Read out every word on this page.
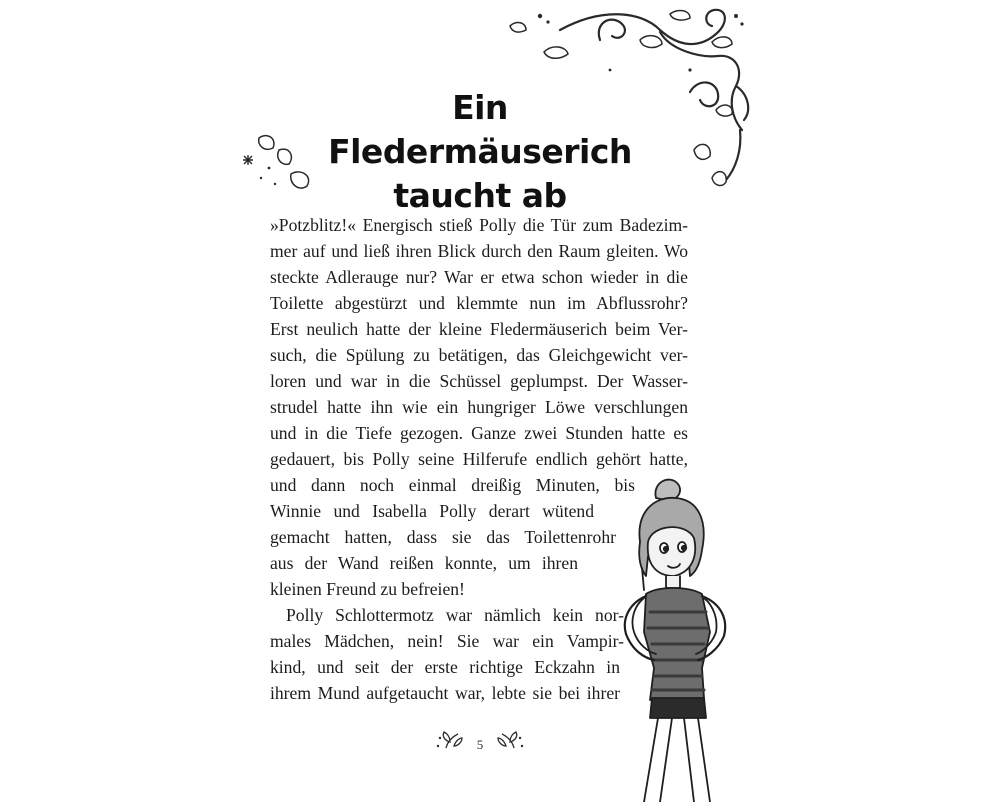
Ein Fledermäuserich
taucht ab
»Potzblitz!« Energisch stieß Polly die Tür zum Badezim-
mer auf und ließ ihren Blick durch den Raum gleiten. Wo
steckte Adlerauge nur? War er etwa schon wieder in die
Toilette abgestürzt und klemmte nun im Abflussrohr?
Erst neulich hatte der kleine Fledermäuserich beim Ver-
such, die Spülung zu betätigen, das Gleichgewicht ver-
loren und war in die Schüssel geplumpst. Der Wasser-
strudel hatte ihn wie ein hungriger Löwe verschlungen
und in die Tiefe gezogen. Ganze zwei Stunden hatte es
gedauert, bis Polly seine Hilferufe endlich gehört hatte,
und dann noch einmal dreißig Minuten, bis
Winnie und Isabella Polly derart wütend
gemacht hatten, dass sie das Toilettenrohr
aus der Wand reißen konnte, um ihren
kleinen Freund zu befreien!
Polly Schlottermotz war nämlich kein nor-
males Mädchen, nein! Sie war ein Vampir-
kind, und seit der erste richtige Eckzahn in
ihrem Mund aufgetaucht war, lebte sie bei ihrer
5
